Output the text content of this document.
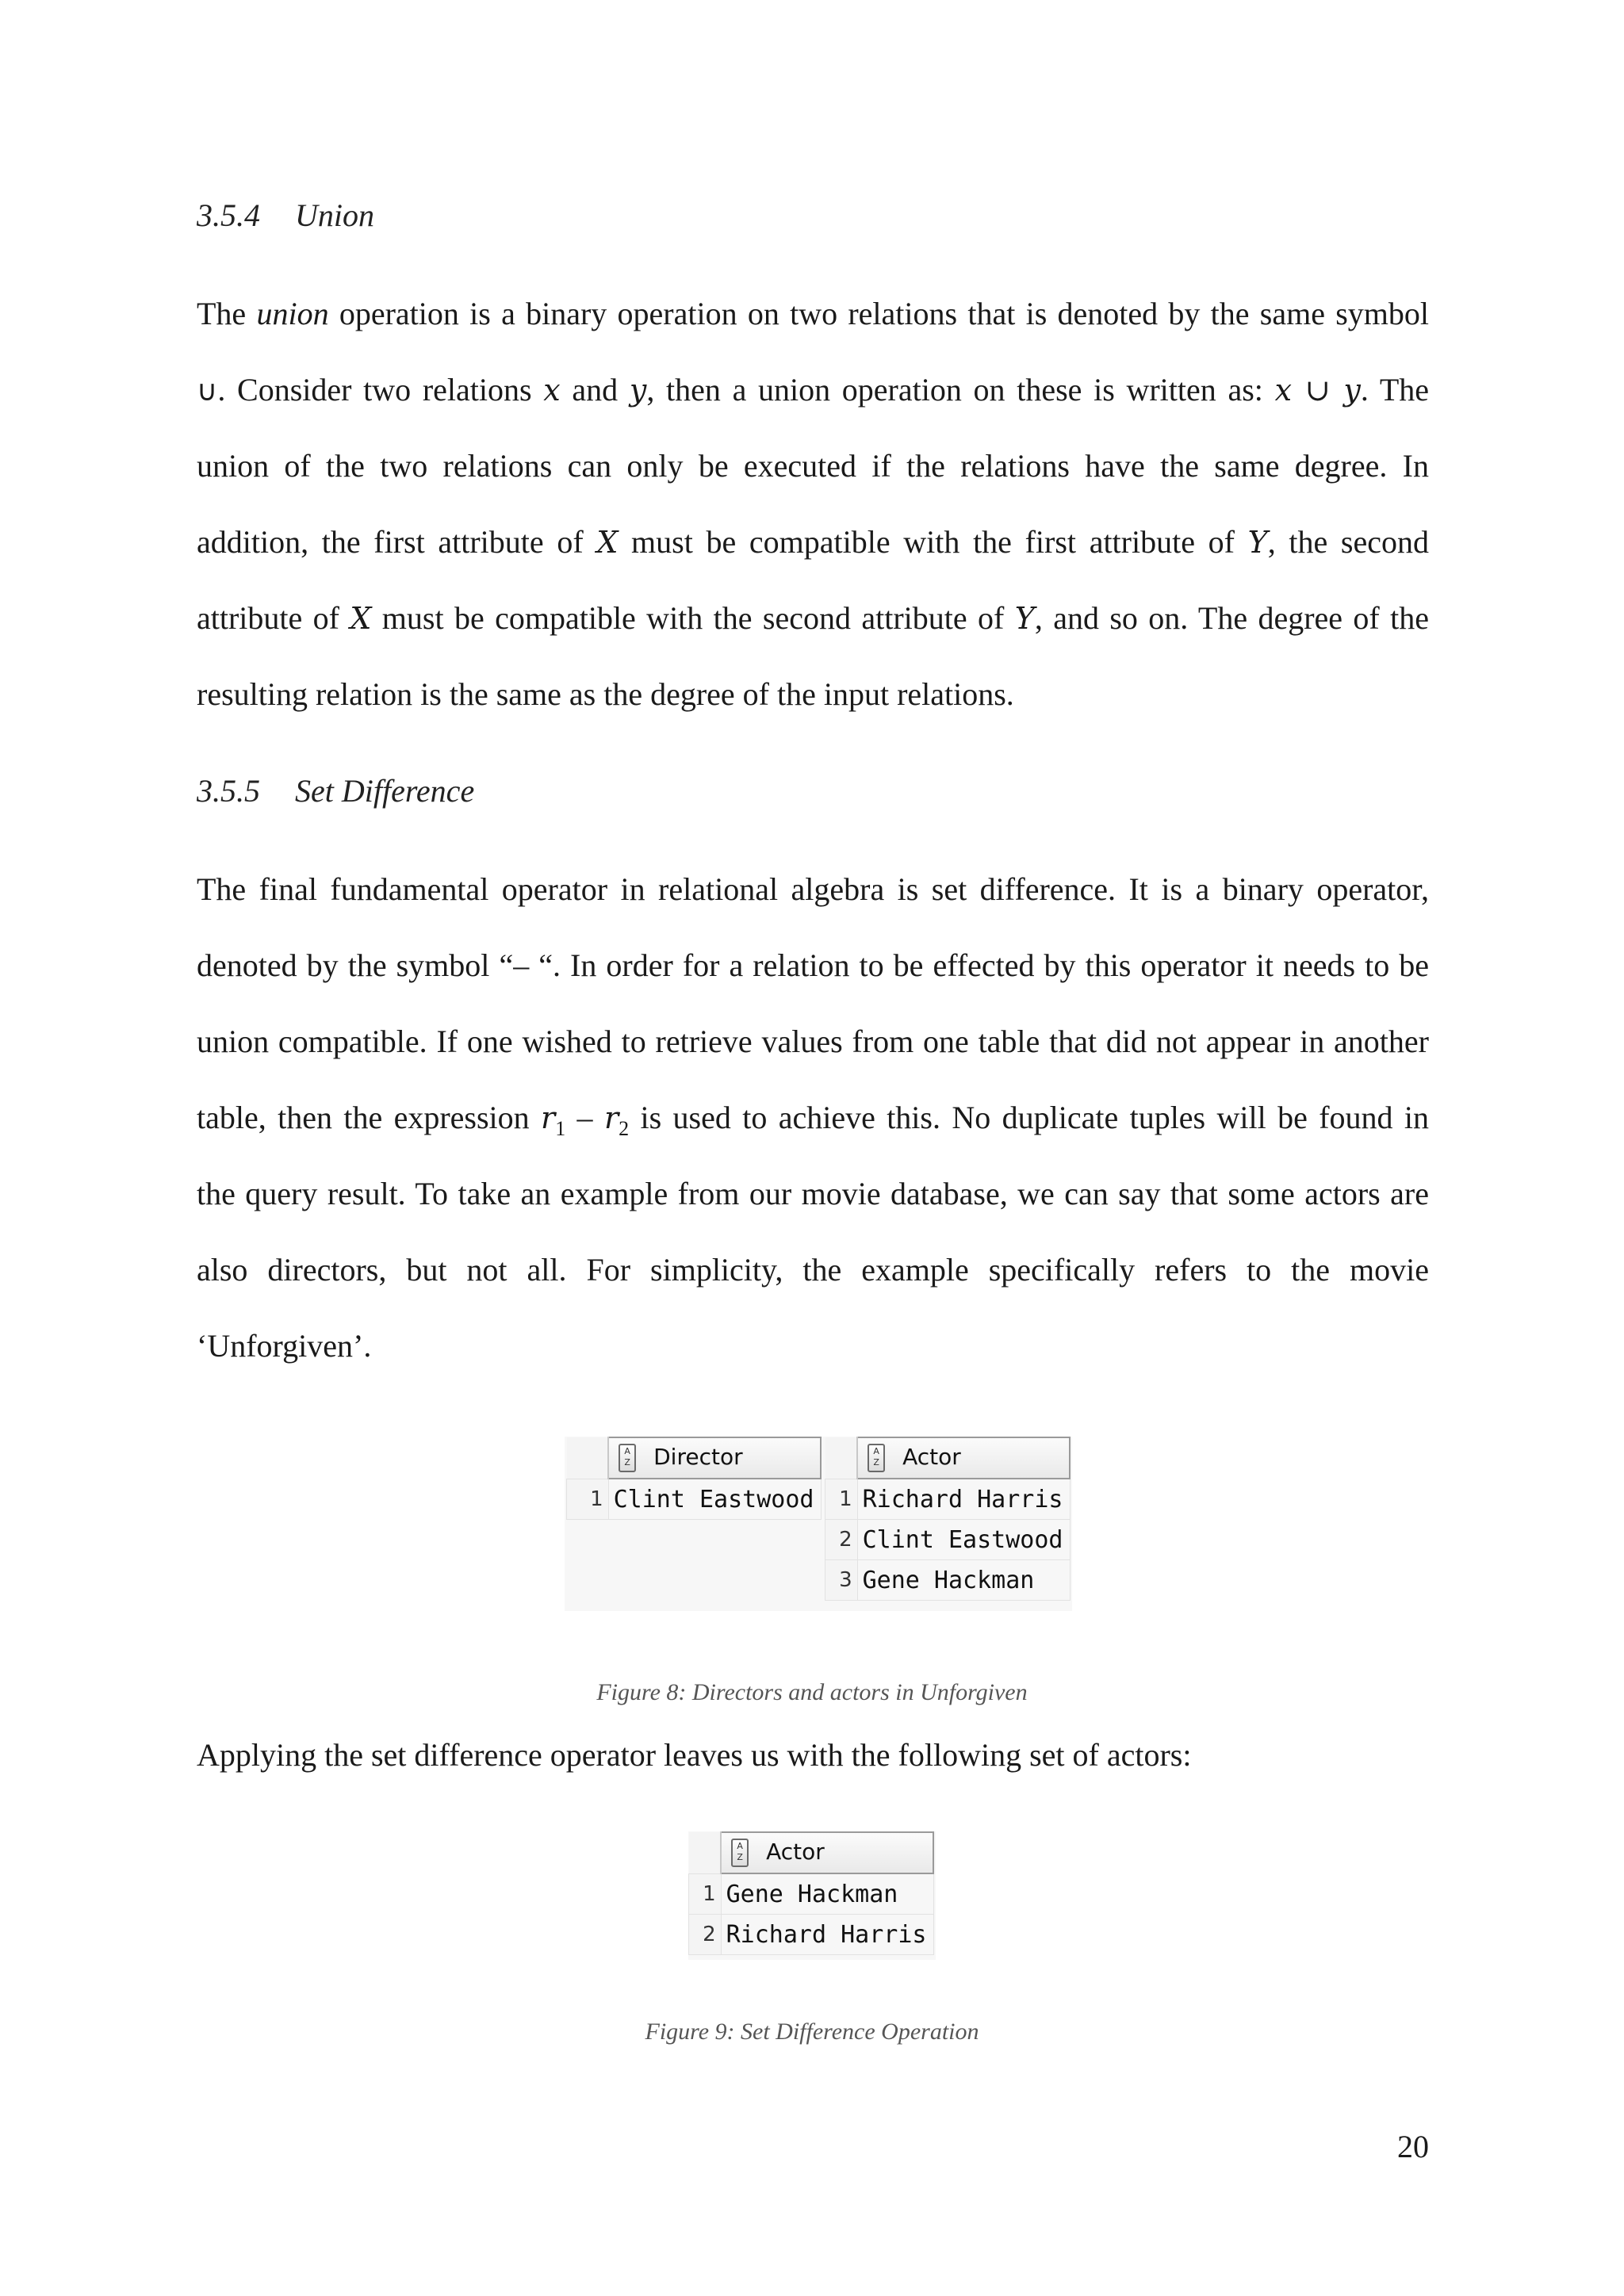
3.5.4 Union
The union operation is a binary operation on two relations that is denoted by the same symbol
∪. Consider two relations x and y, then a union operation on these is written as: x ∪ y. The
union of the two relations can only be executed if the relations have the same degree. In
addition, the first attribute of X must be compatible with the first attribute of Y, the second
attribute of X must be compatible with the second attribute of Y, and so on. The degree of the
resulting relation is the same as the degree of the input relations.
3.5.5 Set Difference
The final fundamental operator in relational algebra is set difference. It is a binary operator,
denoted by the symbol “– “. In order for a relation to be effected by this operator it needs to be
union compatible. If one wished to retrieve values from one table that did not appear in another
table, then the expression $r_1 - r_2$ is used to achieve this. No duplicate tuples will be found in
the query result. To take an example from our movie database, we can say that some actors are
also directors, but not all. For simplicity, the example specifically refers to the movie
‘Unforgiven’.
	A ZDirector
1	Clint Eastwood
	A ZActor
1	Richard Harris
2	Clint Eastwood
3	Gene Hackman
Figure 8: Directors and actors in Unforgiven
Applying the set difference operator leaves us with the following set of actors:
	A ZActor
1	Gene Hackman
2	Richard Harris
Figure 9: Set Difference Operation
20
